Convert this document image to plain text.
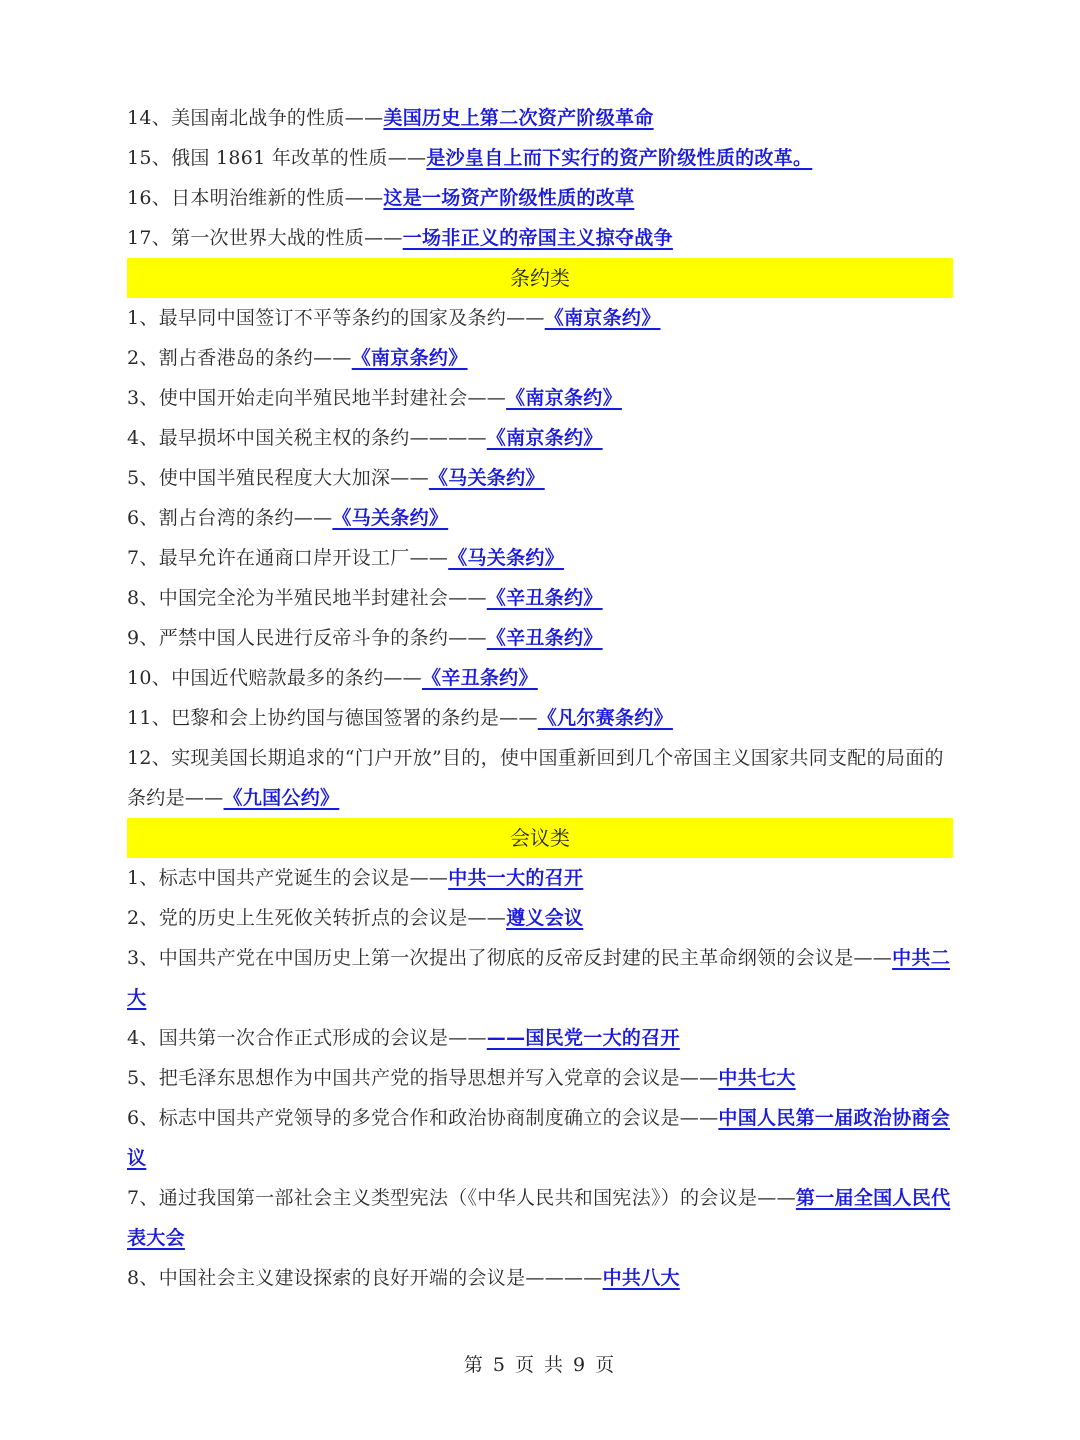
14、美国南北战争的性质——美国历史上第二次资产阶级革命
15、俄国 1861 年改革的性质——是沙皇自上而下实行的资产阶级性质的改革。
16、日本明治维新的性质——这是一场资产阶级性质的改草
17、第一次世界大战的性质——一场非正义的帝国主义掠夺战争
条约类
1、最早同中国签订不平等条约的国家及条约——《南京条约》
2、割占香港岛的条约——《南京条约》
3、使中国开始走向半殖民地半封建社会——《南京条约》
4、最早损坏中国关税主权的条约————《南京条约》
5、使中国半殖民程度大大加深——《马关条约》
6、割占台湾的条约——《马关条约》
7、最早允许在通商口岸开设工厂——《马关条约》
8、中国完全沦为半殖民地半封建社会——《辛丑条约》
9、严禁中国人民进行反帝斗争的条约——《辛丑条约》
10、中国近代赔款最多的条约——《辛丑条约》
11、巴黎和会上协约国与德国签署的条约是——《凡尔赛条约》
12、实现美国长期追求的“门户开放”目的，使中国重新回到几个帝国主义国家共同支配的局面的条约是——《九国公约》
会议类
1、标志中国共产党诞生的会议是——中共一大的召开
2、党的历史上生死攸关转折点的会议是——遵义会议
3、中国共产党在中国历史上第一次提出了彻底的反帝反封建的民主革命纲领的会议是——中共二大
4、国共第一次合作正式形成的会议是————国民党一大的召开
5、把毛泽东思想作为中国共产党的指导思想并写入党章的会议是——中共七大
6、标志中国共产党领导的多党合作和政治协商制度确立的会议是——中国人民第一届政治协商会议
7、通过我国第一部社会主义类型宪法（《中华人民共和国宪法》）的会议是——第一届全国人民代表大会
8、中国社会主义建设探索的良好开端的会议是————中共八大
第 5 页 共 9 页
